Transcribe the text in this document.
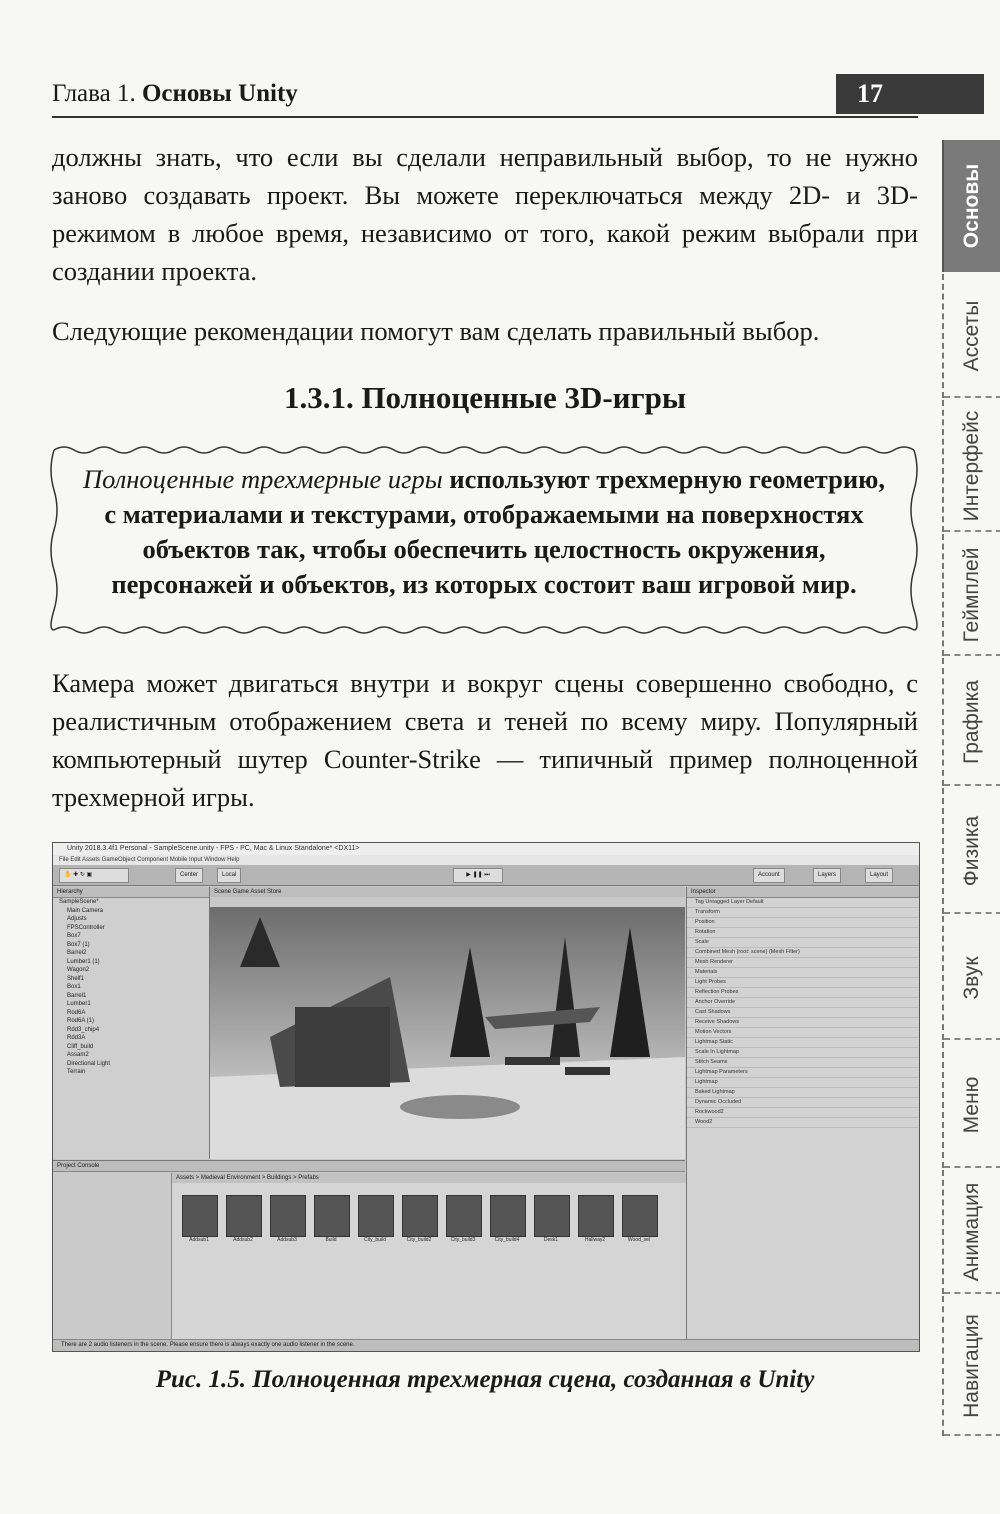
Глава 1. Основы Unity	17
должны знать, что если вы сделали неправильный выбор, то не нужно заново создавать проект. Вы можете переключаться между 2D- и 3D-режимом в любое время, независимо от того, какой режим выбрали при создании проекта.
Следующие рекомендации помогут вам сделать правильный выбор.
1.3.1. Полноценные 3D-игры
Полноценные трехмерные игры используют трехмерную геометрию, с материалами и текстурами, отображаемыми на поверхностях объектов так, чтобы обеспечить целостность окружения, персонажей и объектов, из которых состоит ваш игровой мир.
Камера может двигаться внутри и вокруг сцены совершенно свободно, с реалистичным отображением света и теней по всему миру. Популярный компьютерный шутер Counter-Strike — типичный пример полноценной трехмерной игры.
Основы
Ассеты
Интерфейс
Геймплей
Графика
Физика
Звук
Меню
Анимация
Навигация
Unity 2018.3.4f1 Personal - SampleScene.unity - FPS - PC, Mac & Linux Standalone* <DX11>
File Edit Assets GameObject Component Mobile Input Window Help
✋ ✚ ↻ ▣	Center	Local	▶ ❚❚ ⏭	Account	Layers	Layout
Hierarchy
SampleScene*
Main Camera
Adjusts
FPSController
Box7
Box7 (1)
Barrel2
Lumber1 (1)
Wagon2
Shelf1
Box1
Barrel1
Lumber1
Rod6A
Rod6A (1)
Rdd3_chip4
Rdd3A
Cliff_build
Assam2
Directional Light
Terrain
Scene Game Asset Store	Inspector
Tag Untagged Layer Default
Transform
Position
Rotation
Scale
Combined Mesh (root: scene) (Mesh Filter)
Mesh Renderer
Materials
Light Probes
Reflection Probes
Anchor Override
Cast Shadows
Receive Shadows
Motion Vectors
Lightmap Static
Scale In Lightmap
Stitch Seams
Lightmap Parameters
Lightmap
Baked Lightmap
Dynamic Occluded
Rockwood2
Wood2
Project Console
Assets > Medieval Environment > Buildings > Prefabs
Addsub1	Addsub2	Addsub3	Build	City_build	City_build2	City_build3	City_build4	Desk1	Hallway2	Wood_sel
There are 2 audio listeners in the scene. Please ensure there is always exactly one audio listener in the scene.
Рис. 1.5. Полноценная трехмерная сцена, созданная в Unity
